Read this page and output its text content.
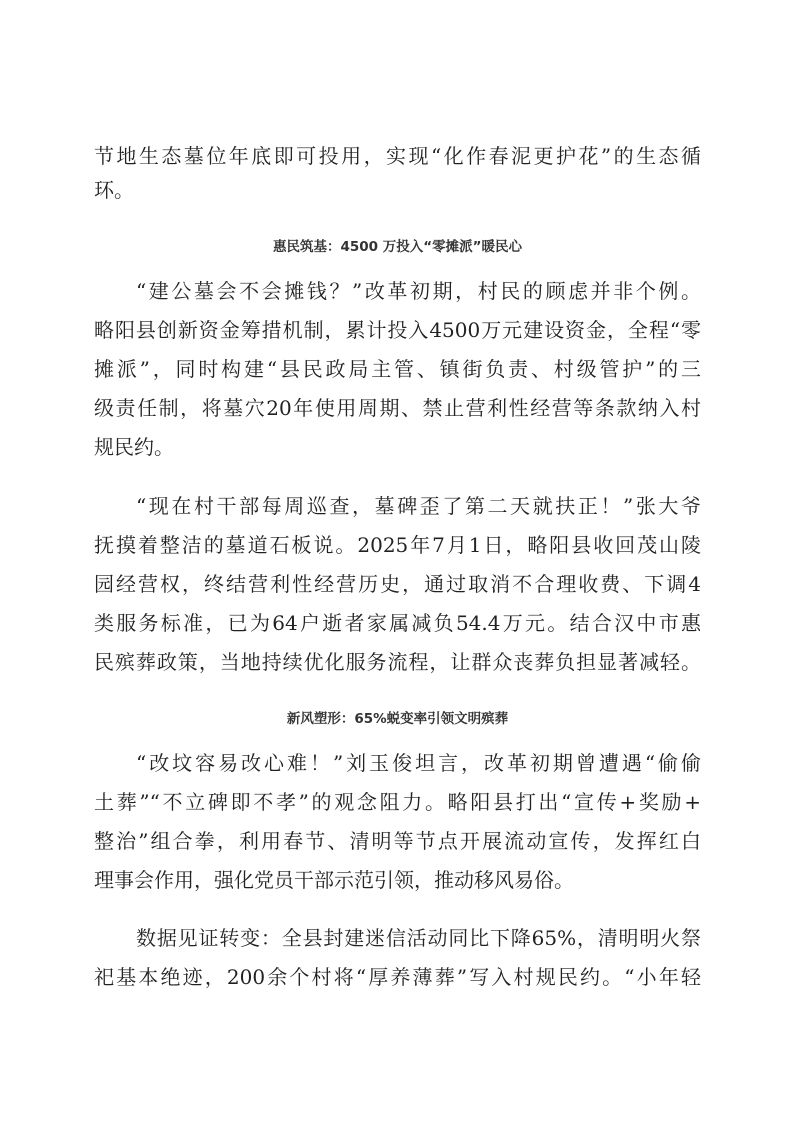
节地生态墓位年底即可投用，实现“化作春泥更护花”的生态循
环。
惠民筑基：4500 万投入“零摊派”暖民心
“建公墓会不会摊钱？”改革初期，村民的顾虑并非个例。
略阳县创新资金筹措机制，累计投入4500万元建设资金，全程“零
摊派”，同时构建“县民政局主管、镇街负责、村级管护”的三
级责任制，将墓穴20年使用周期、禁止营利性经营等条款纳入村
规民约。
“现在村干部每周巡查，墓碑歪了第二天就扶正！”张大爷
抚摸着整洁的墓道石板说。2025年7月1日，略阳县收回茂山陵
园经营权，终结营利性经营历史，通过取消不合理收费、下调4
类服务标准，已为64户逝者家属减负54.4万元。结合汉中市惠
民殡葬政策，当地持续优化服务流程，让群众丧葬负担显著减轻。
新风塑形：65%蜕变率引领文明殡葬
“改坟容易改心难！”刘玉俊坦言，改革初期曾遭遇“偷偷
土葬”“不立碑即不孝”的观念阻力。略阳县打出“宣传+奖励+
整治”组合拳，利用春节、清明等节点开展流动宣传，发挥红白
理事会作用，强化党员干部示范引领，推动移风易俗。
数据见证转变：全县封建迷信活动同比下降65%，清明明火祭
祀基本绝迹，200余个村将“厚养薄葬”写入村规民约。“小年轻
